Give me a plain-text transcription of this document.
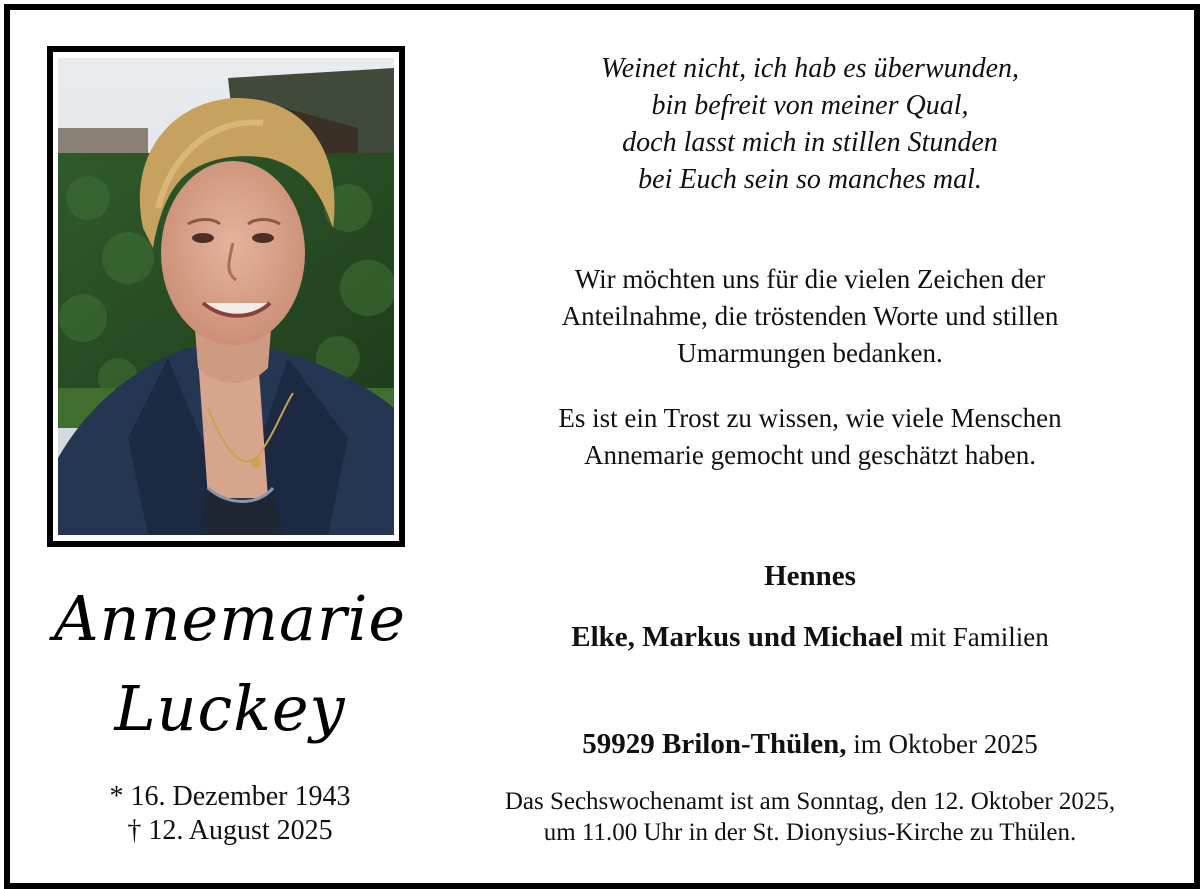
Annemarie
Luckey
* 16. Dezember 1943
† 12. August 2025
Weinet nicht, ich hab es überwunden,
bin befreit von meiner Qual,
doch lasst mich in stillen Stunden
bei Euch sein so manches mal.
Wir möchten uns für die vielen Zeichen der
Anteilnahme, die tröstenden Worte und stillen
Umarmungen bedanken.
Es ist ein Trost zu wissen, wie viele Menschen
Annemarie gemocht und geschätzt haben.
Hennes
Elke, Markus und Michael mit Familien
59929 Brilon-Thülen, im Oktober 2025
Das Sechswochenamt ist am Sonntag, den 12. Oktober 2025,
um 11.00 Uhr in der St. Dionysius-Kirche zu Thülen.
